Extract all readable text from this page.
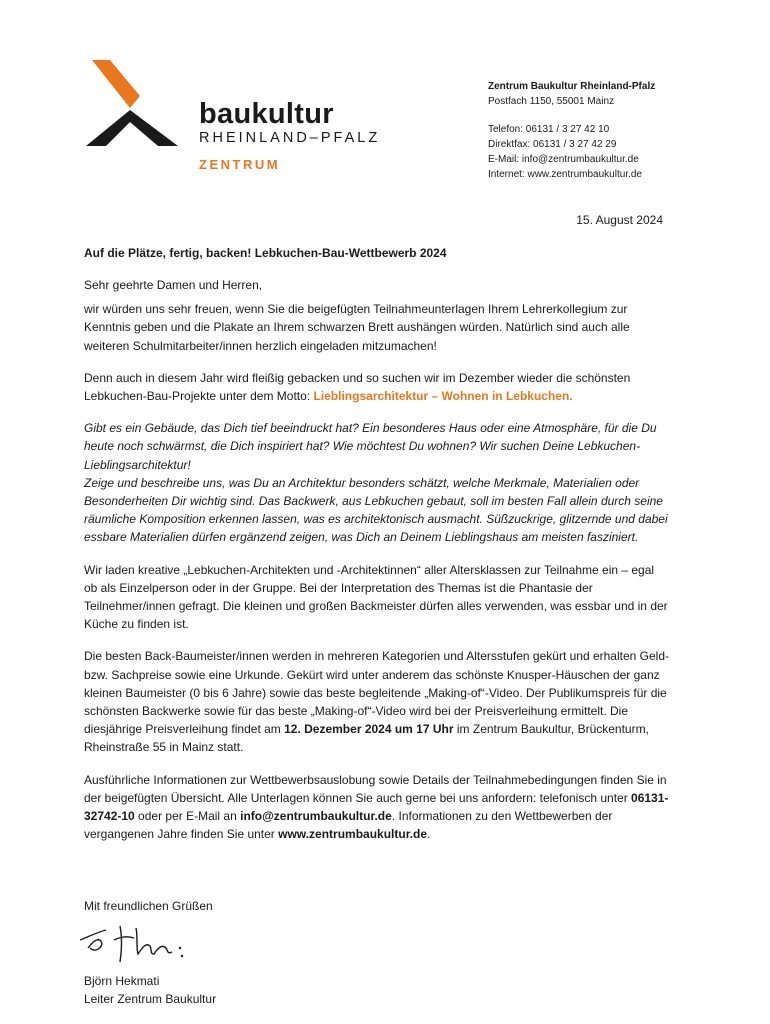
baukultur
RHEINLAND–PFALZ
ZENTRUM
Zentrum Baukultur Rheinland-Pfalz
Postfach 1150, 55001 Mainz
Telefon: 06131 / 3 27 42 10
Direktfax: 06131 / 3 27 42 29
E-Mail: info@zentrumbaukultur.de
Internet: www.zentrumbaukultur.de
15. August 2024
Auf die Plätze, fertig, backen! Lebkuchen-Bau-Wettbewerb 2024

Sehr geehrte Damen und Herren,

wir würden uns sehr freuen, wenn Sie die beigefügten Teilnahmeunterlagen Ihrem Lehrerkollegium zur Kenntnis geben und die Plakate an Ihrem schwarzen Brett aushängen würden. Natürlich sind auch alle weiteren Schulmitarbeiter/innen herzlich eingeladen mitzumachen!

Denn auch in diesem Jahr wird fleißig gebacken und so suchen wir im Dezember wieder die schönsten Lebkuchen-Bau-Projekte unter dem Motto: Lieblingsarchitektur – Wohnen in Lebkuchen.

Gibt es ein Gebäude, das Dich tief beeindruckt hat? Ein besonderes Haus oder eine Atmosphäre, für die Du heute noch schwärmst, die Dich inspiriert hat? Wie möchtest Du wohnen? Wir suchen Deine Lebkuchen-Lieblingsarchitektur!
Zeige und beschreibe uns, was Du an Architektur besonders schätzt, welche Merkmale, Materialien oder Besonderheiten Dir wichtig sind. Das Backwerk, aus Lebkuchen gebaut, soll im besten Fall allein durch seine räumliche Komposition erkennen lassen, was es architektonisch ausmacht. Süßzuckrige, glitzernde und dabei essbare Materialien dürfen ergänzend zeigen, was Dich an Deinem Lieblingshaus am meisten fasziniert.

Wir laden kreative „Lebkuchen-Architekten und -Architektinnen“ aller Altersklassen zur Teilnahme ein – egal ob als Einzelperson oder in der Gruppe. Bei der Interpretation des Themas ist die Phantasie der Teilnehmer/innen gefragt. Die kleinen und großen Backmeister dürfen alles verwenden, was essbar und in der Küche zu finden ist.

Die besten Back-Baumeister/innen werden in mehreren Kategorien und Altersstufen gekürt und erhalten Geld- bzw. Sachpreise sowie eine Urkunde. Gekürt wird unter anderem das schönste Knusper-Häuschen der ganz kleinen Baumeister (0 bis 6 Jahre) sowie das beste begleitende „Making-of“-Video. Der Publikumspreis für die schönsten Backwerke sowie für das beste „Making-of“-Video wird bei der Preisverleihung ermittelt. Die diesjährige Preisverleihung findet am 12. Dezember 2024 um 17 Uhr im Zentrum Baukultur, Brückenturm, Rheinstraße 55 in Mainz statt.

Ausführliche Informationen zur Wettbewerbsauslobung sowie Details der Teilnahmebedingungen finden Sie in der beigefügten Übersicht. Alle Unterlagen können Sie auch gerne bei uns anfordern: telefonisch unter 06131-32742-10 oder per E-Mail an info@zentrumbaukultur.de. Informationen zu den Wettbewerben der vergangenen Jahre finden Sie unter www.zentrumbaukultur.de.

Mit freundlichen Grüßen
Björn Hekmati
Leiter Zentrum Baukultur
